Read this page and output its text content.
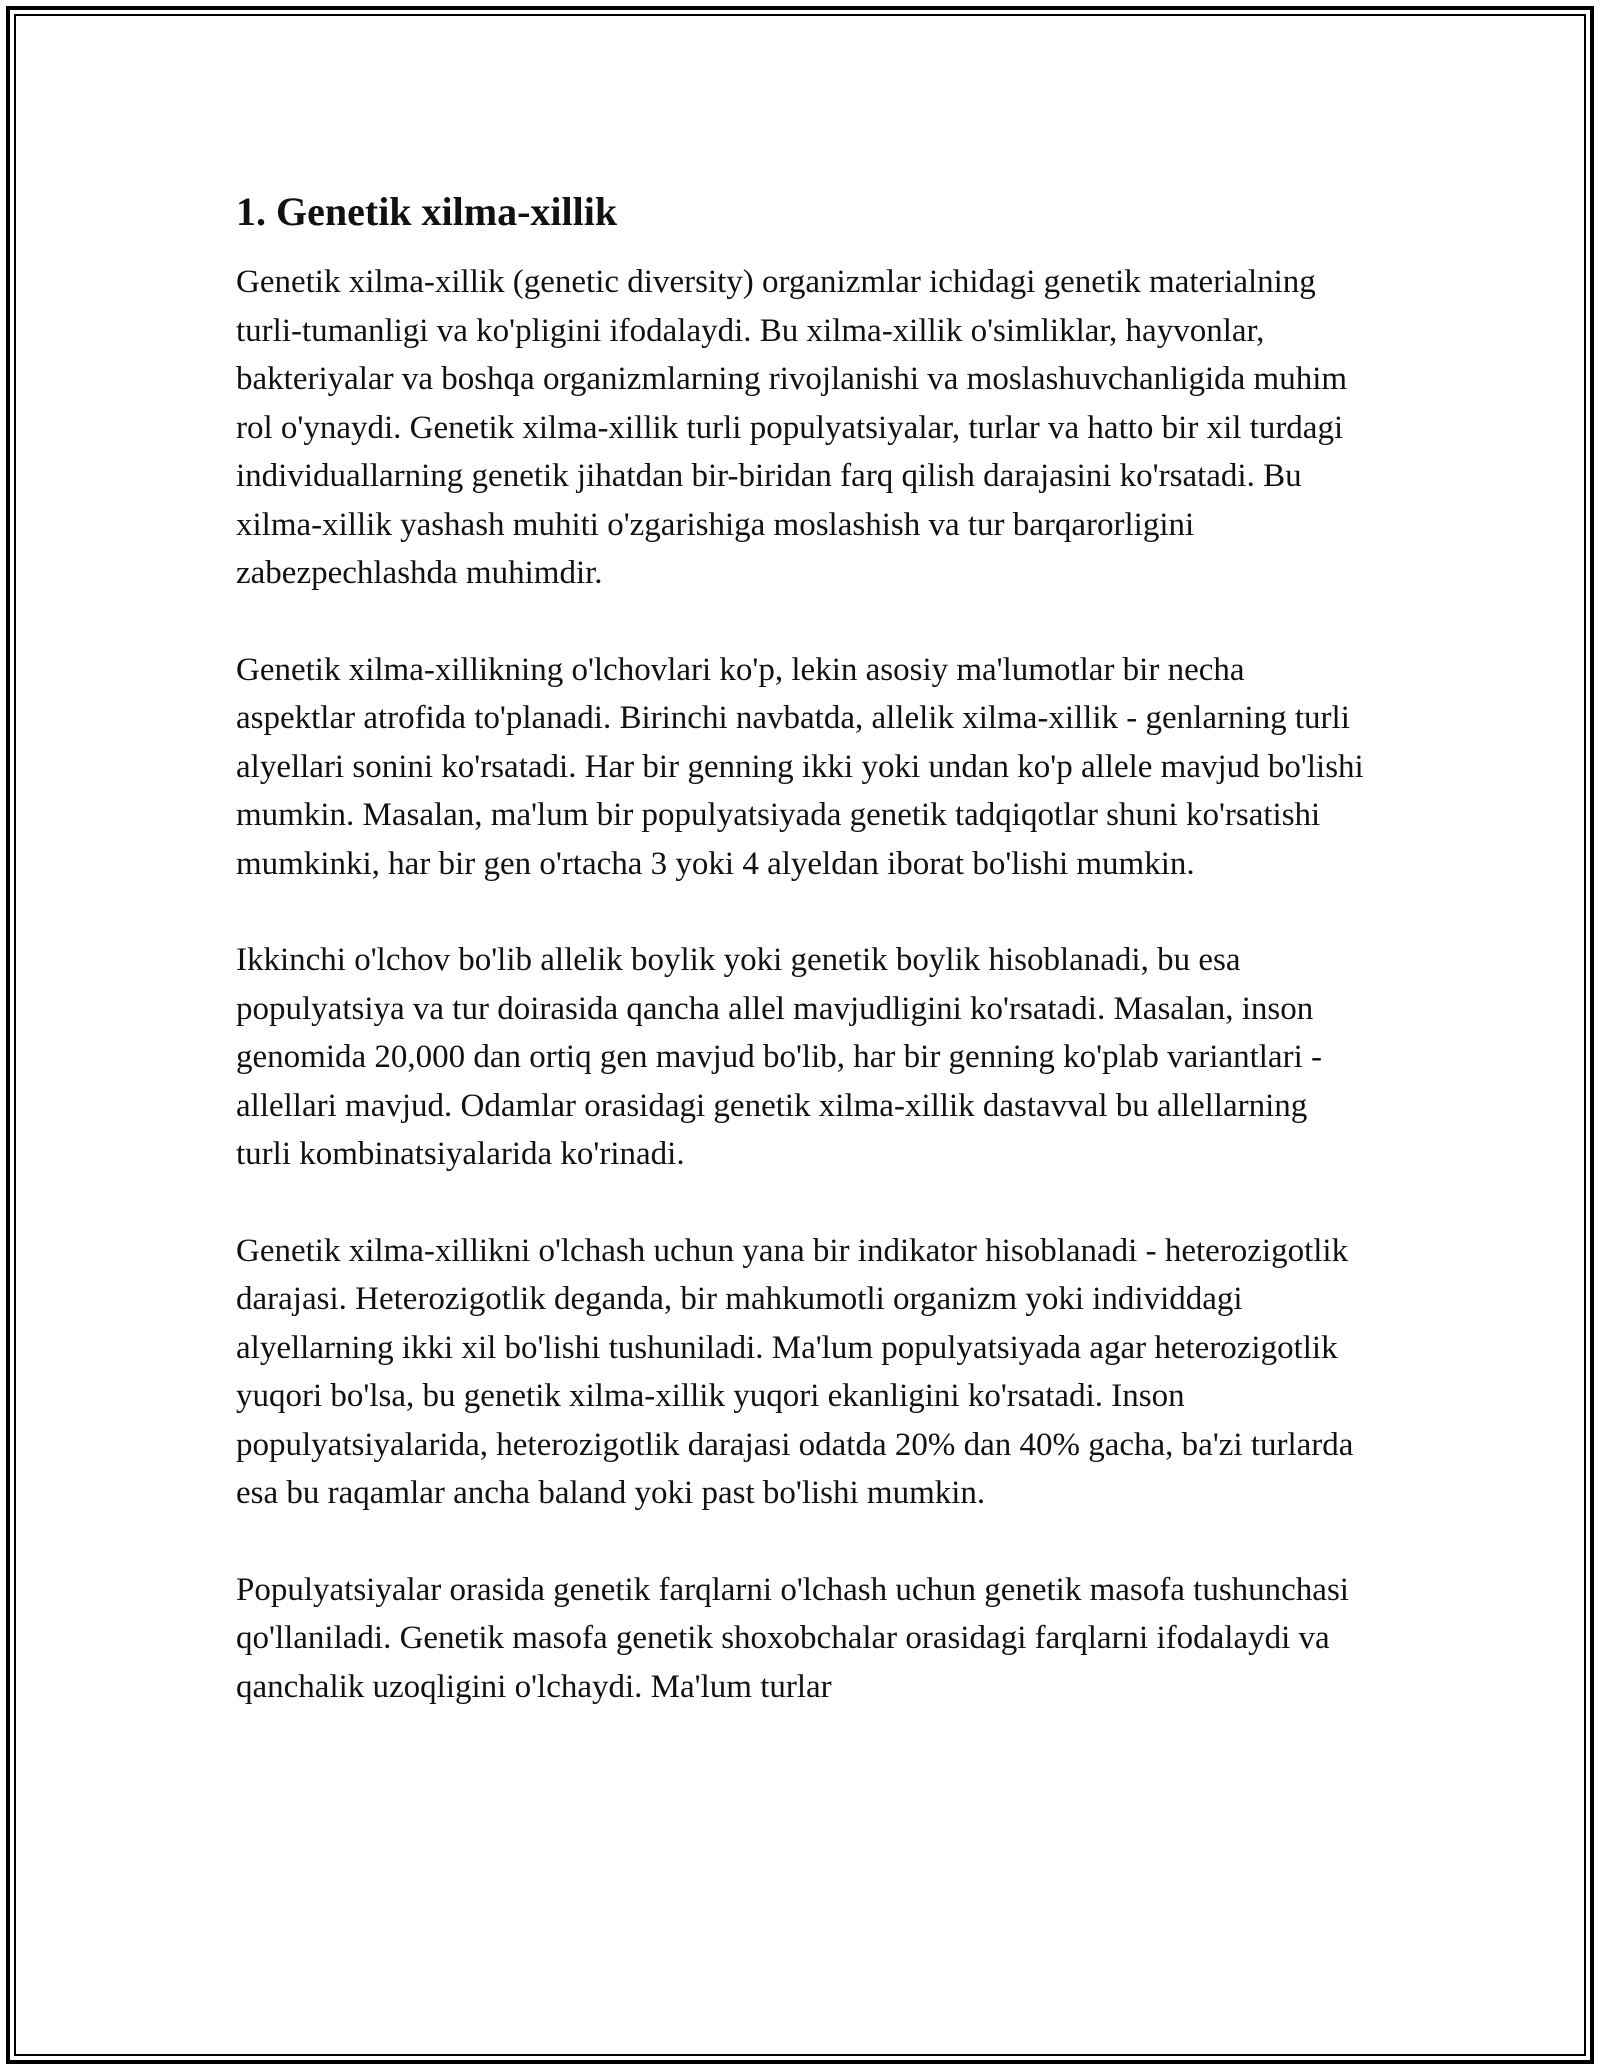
1. Genetik xilma-xillik

Genetik xilma-xillik (genetic diversity) organizmlar ichidagi genetik materialning turli-tumanligi va ko'pligini ifodalaydi. Bu xilma-xillik o'simliklar, hayvonlar, bakteriyalar va boshqa organizmlarning rivojlanishi va moslashuvchanligida muhim rol o'ynaydi. Genetik xilma-xillik turli populyatsiyalar, turlar va hatto bir xil turdagi individuallarning genetik jihatdan bir-biridan farq qilish darajasini ko'rsatadi. Bu xilma-xillik yashash muhiti o'zgarishiga moslashish va tur barqarorligini zabezpechlashda muhimdir.

Genetik xilma-xillikning o'lchovlari ko'p, lekin asosiy ma'lumotlar bir necha aspektlar atrofida to'planadi. Birinchi navbatda, allelik xilma-xillik - genlarning turli alyellari sonini ko'rsatadi. Har bir genning ikki yoki undan ko'p allele mavjud bo'lishi mumkin. Masalan, ma'lum bir populyatsiyada genetik tadqiqotlar shuni ko'rsatishi mumkinki, har bir gen o'rtacha 3 yoki 4 alyeldan iborat bo'lishi mumkin.

Ikkinchi o'lchov bo'lib allelik boylik yoki genetik boylik hisoblanadi, bu esa populyatsiya va tur doirasida qancha allel mavjudligini ko'rsatadi. Masalan, inson genomida 20,000 dan ortiq gen mavjud bo'lib, har bir genning ko'plab variantlari - allellari mavjud. Odamlar orasidagi genetik xilma-xillik dastavval bu allellarning turli kombinatsiyalarida ko'rinadi.

Genetik xilma-xillikni o'lchash uchun yana bir indikator hisoblanadi - heterozigotlik darajasi. Heterozigotlik deganda, bir mahkumotli organizm yoki individdagi alyellarning ikki xil bo'lishi tushuniladi. Ma'lum populyatsiyada agar heterozigotlik yuqori bo'lsa, bu genetik xilma-xillik yuqori ekanligini ko'rsatadi. Inson populyatsiyalarida, heterozigotlik darajasi odatda 20% dan 40% gacha, ba'zi turlarda esa bu raqamlar ancha baland yoki past bo'lishi mumkin.

Populyatsiyalar orasida genetik farqlarni o'lchash uchun genetik masofa tushunchasi qo'llaniladi. Genetik masofa genetik shoxobchalar orasidagi farqlarni ifodalaydi va qanchalik uzoqligini o'lchaydi. Ma'lum turlar
